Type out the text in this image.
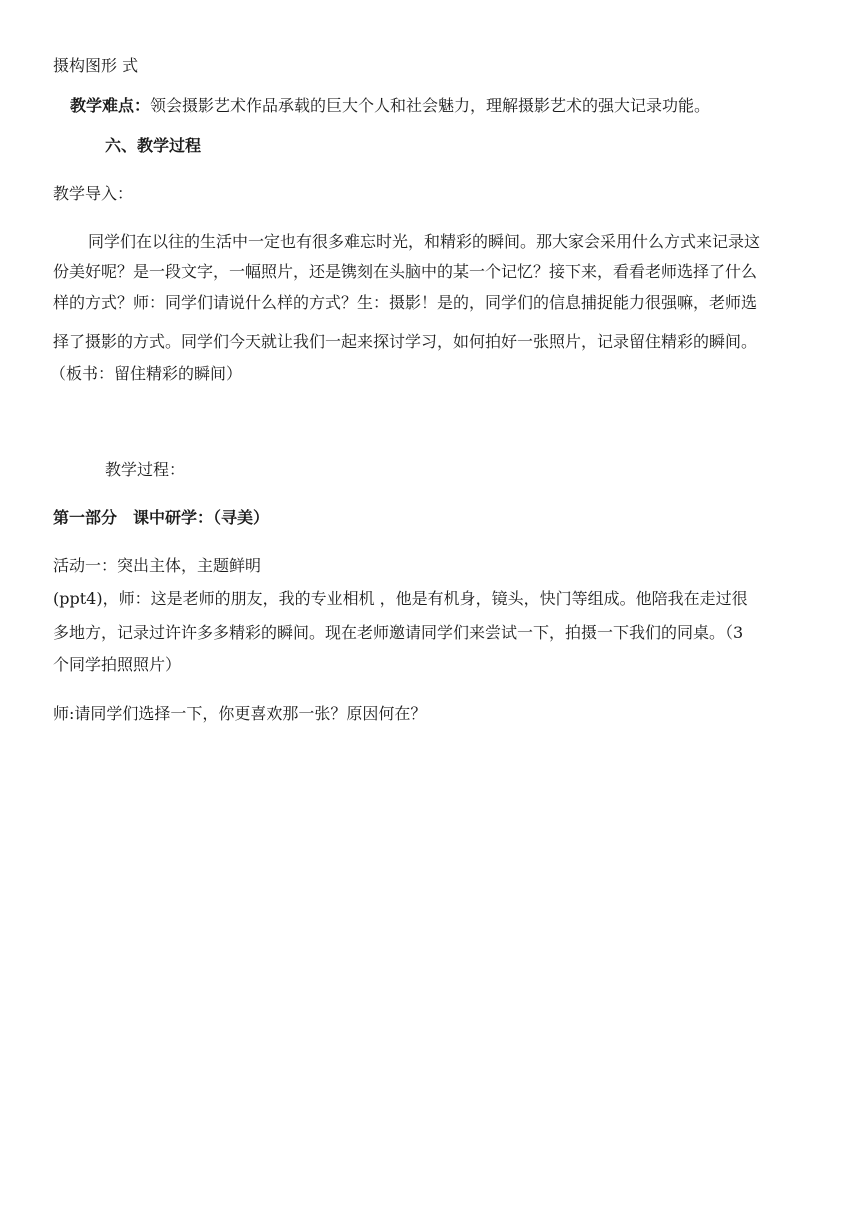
摄构图形 式
教学难点：领会摄影艺术作品承载的巨大个人和社会魅力，理解摄影艺术的强大记录功能。
六、教学过程
教学导入：
同学们在以往的生活中一定也有很多难忘时光，和精彩的瞬间。那大家会采用什么方式来记录这
份美好呢？是一段文字，一幅照片，还是镌刻在头脑中的某一个记忆？接下来，看看老师选择了什么
样的方式？师：同学们请说什么样的方式？生：摄影！是的，同学们的信息捕捉能力很强嘛，老师选
择了摄影的方式。同学们今天就让我们一起来探讨学习，如何拍好一张照片，记录留住精彩的瞬间。
（板书：留住精彩的瞬间）
教学过程：
第一部分　课中研学：（寻美）
活动一：突出主体，主题鲜明
(ppt4)，师：这是老师的朋友，我的专业相机 ，他是有机身，镜头，快门等组成。他陪我在走过很
多地方，记录过许许多多精彩的瞬间。现在老师邀请同学们来尝试一下，拍摄一下我们的同桌。（3
个同学拍照照片）
师:请同学们选择一下，你更喜欢那一张？原因何在？
